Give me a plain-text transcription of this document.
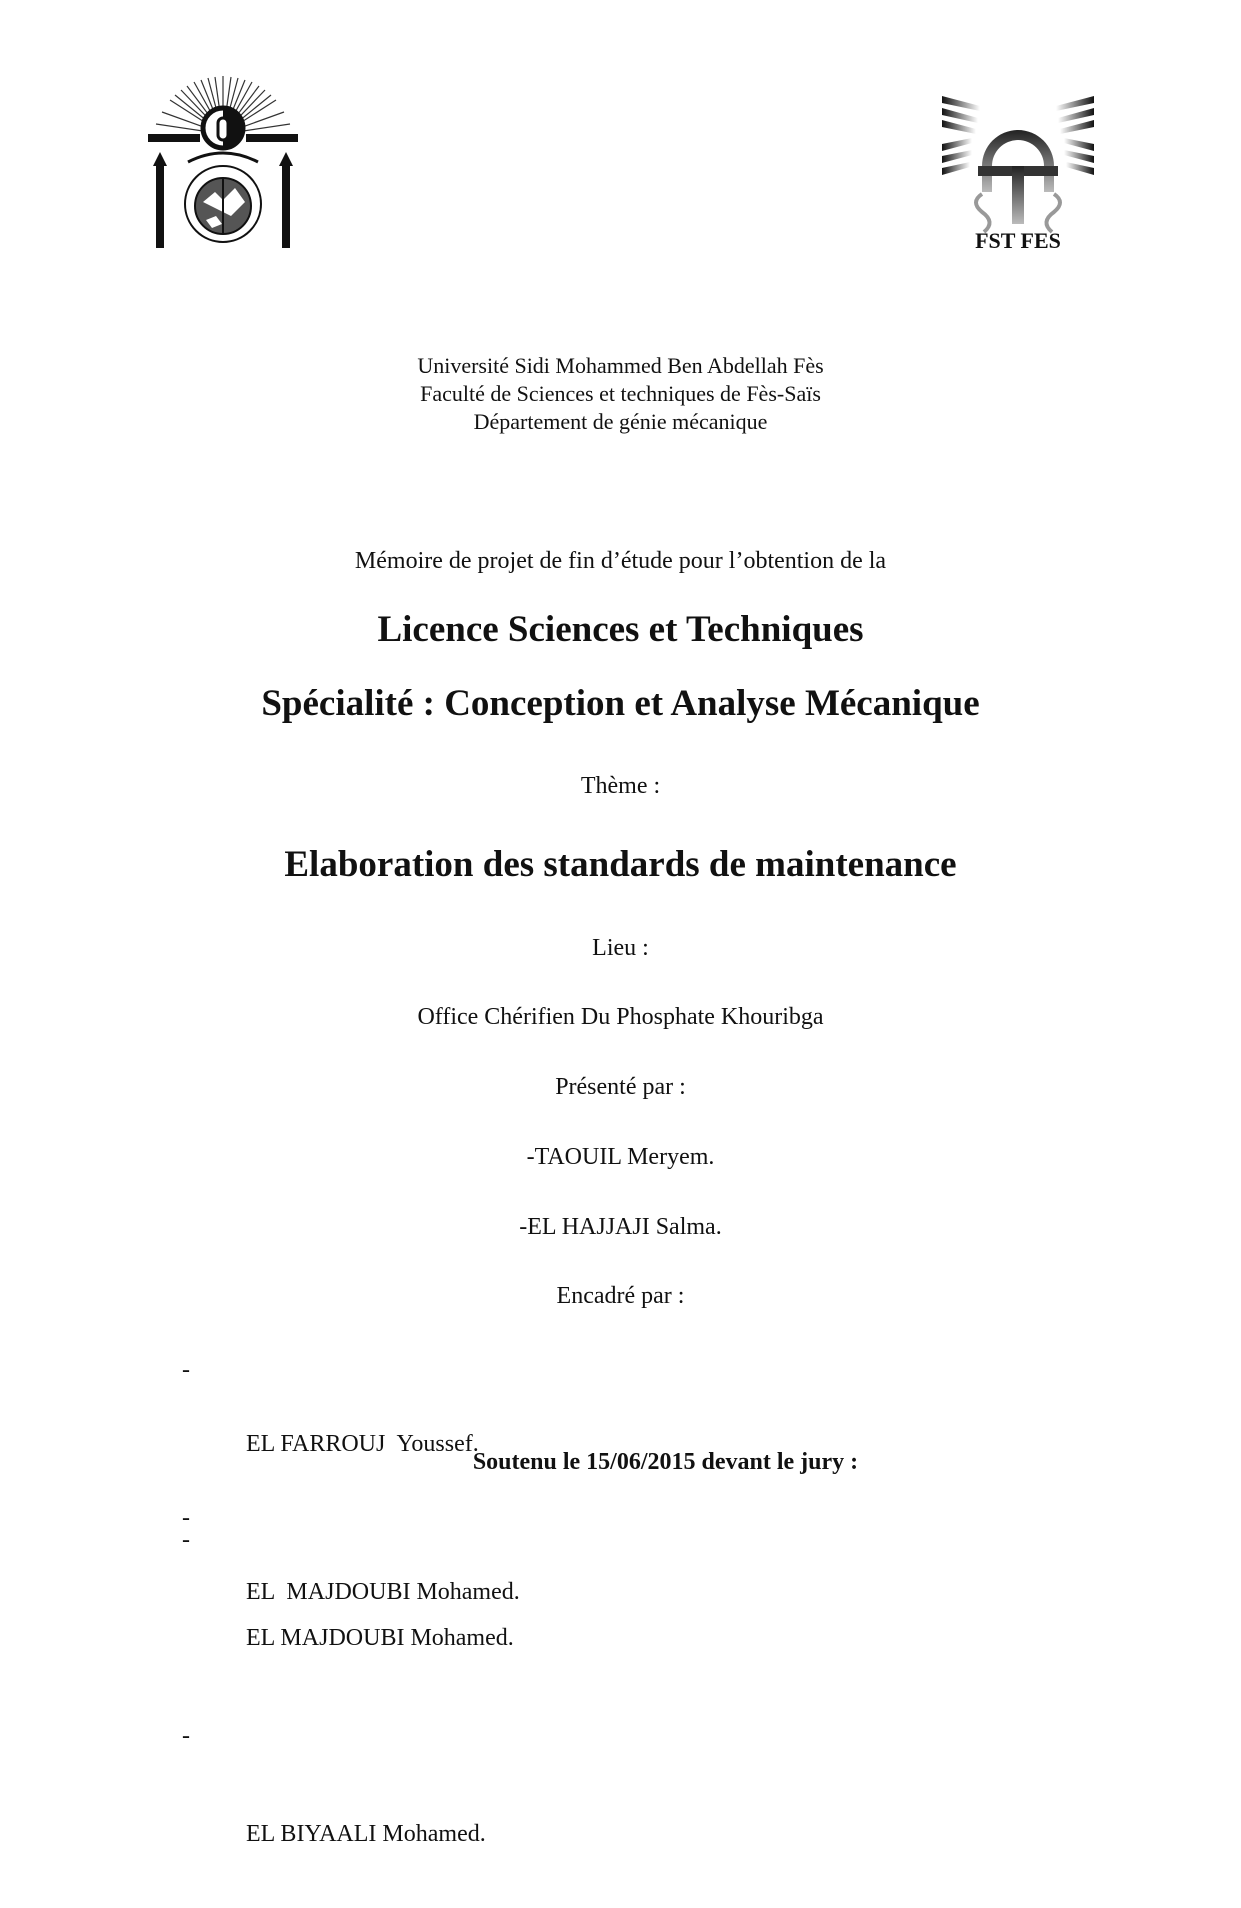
FST FES
Université Sidi Mohammed Ben Abdellah Fès
Faculté de Sciences et techniques de Fès-Saïs
Département de génie mécanique
Mémoire de projet de fin d’étude pour l’obtention de la
Licence Sciences et Techniques
Spécialité : Conception et Analyse Mécanique
Thème :
Elaboration des standards de maintenance
Lieu :
Office Chérifien Du Phosphate Khouribga
Présenté par :
-TAOUIL Meryem.
-EL HAJJAJI Salma.
Encadré par :

-

EL FARROUJ  Youssef.

-

EL  MAJDOUBI Mohamed.

Soutenu le 15/06/2015 devant le jury :

-

EL MAJDOUBI Mohamed.

-

EL BIYAALI Mohamed.
